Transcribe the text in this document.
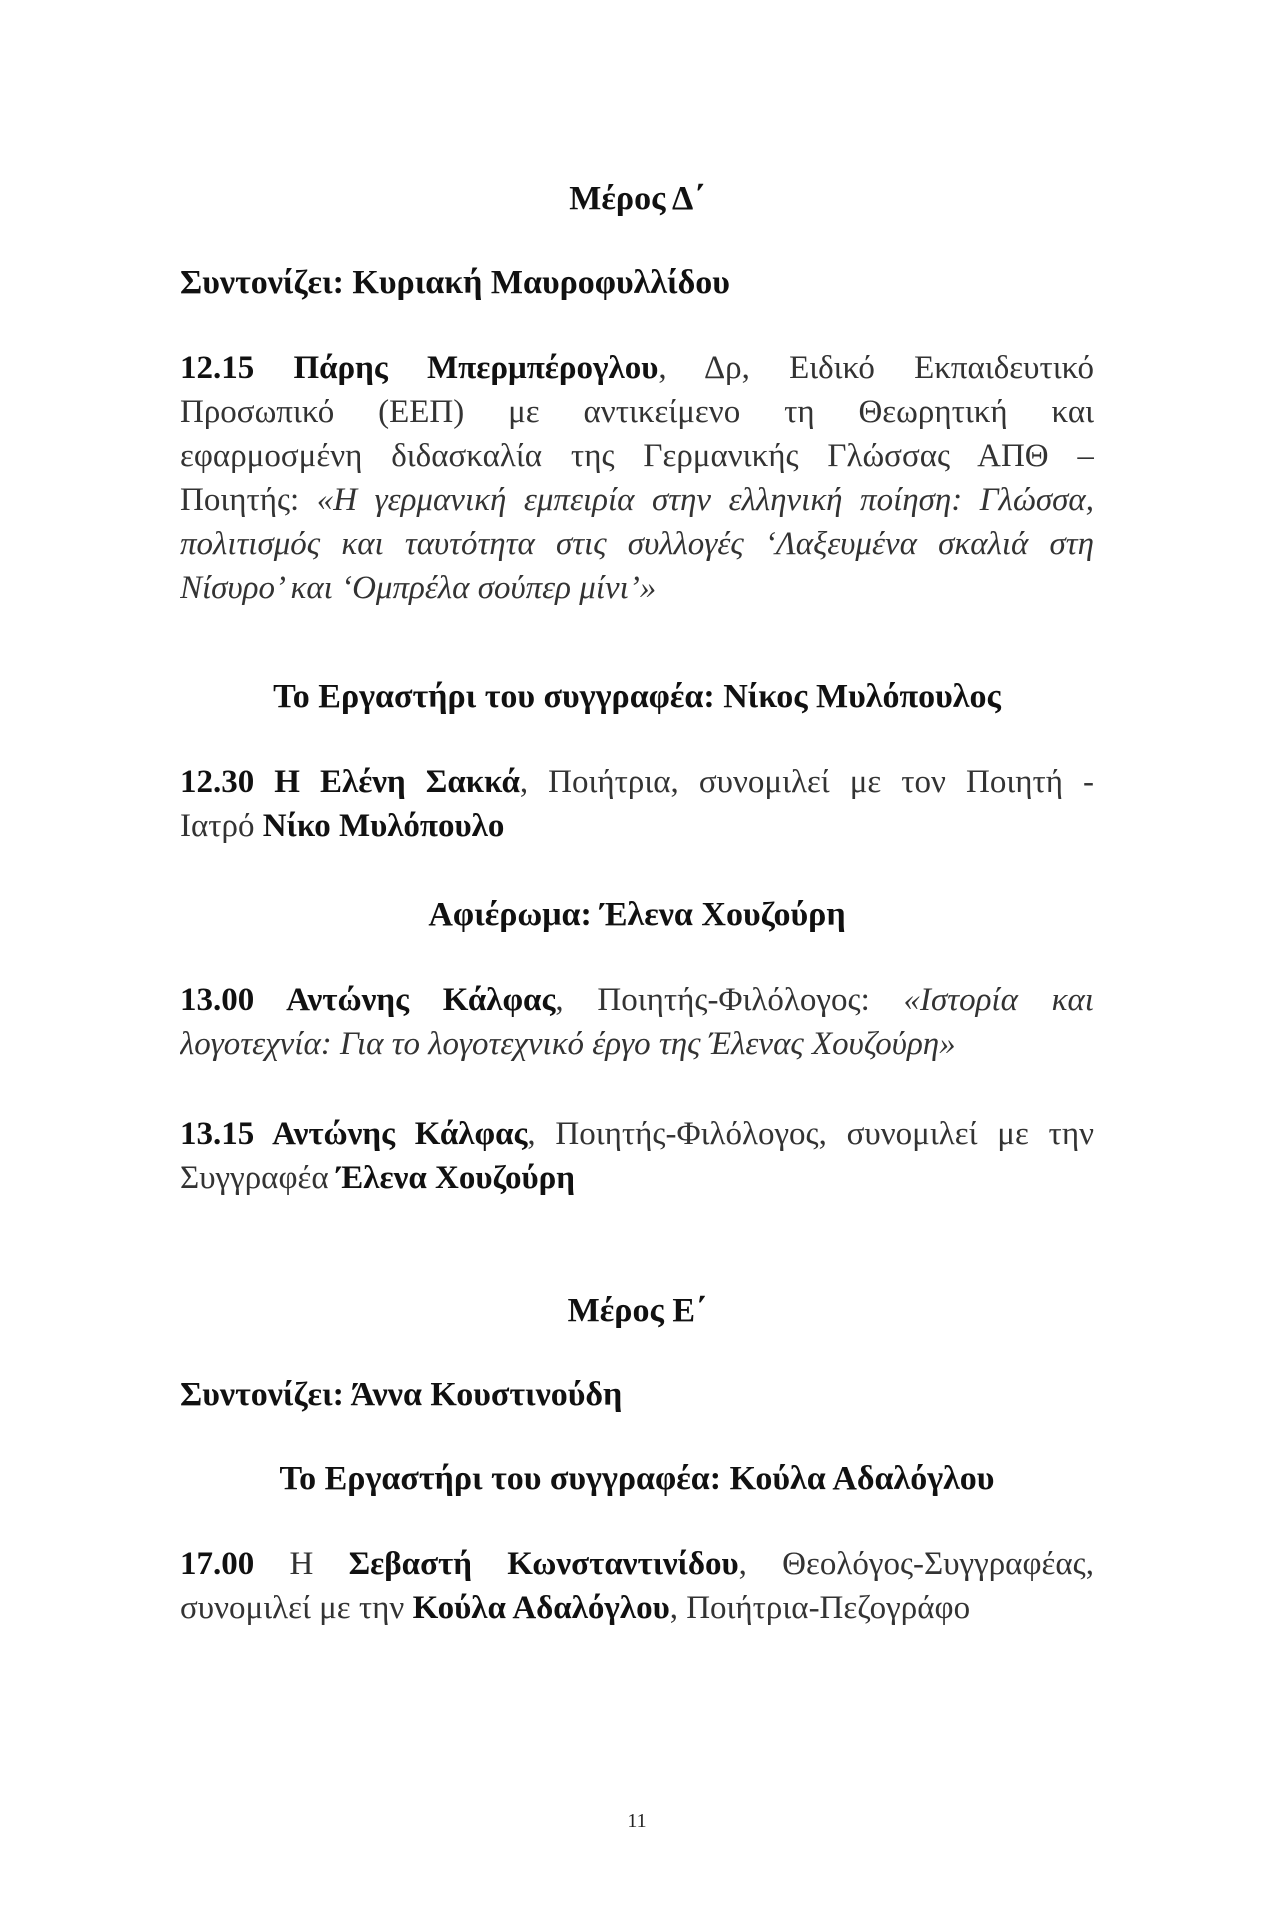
Μέρος Δ΄
Συντονίζει: Κυριακή Μαυροφυλλίδου
12.15 Πάρης Μπερμπέρογλου, Δρ, Ειδικό Εκπαιδευτικό
Προσωπικό (ΕΕΠ) με αντικείμενο τη Θεωρητική και
εφαρμοσμένη διδασκαλία της Γερμανικής Γλώσσας ΑΠΘ –
Ποιητής: «Η γερμανική εμπειρία στην ελληνική ποίηση: Γλώσσα,
πολιτισμός και ταυτότητα στις συλλογές ‘Λαξευμένα σκαλιά στη
Νίσυρο’ και ‘Ομπρέλα σούπερ μίνι’»
Το Εργαστήρι του συγγραφέα: Νίκος Μυλόπουλος
12.30 Η Ελένη Σακκά, Ποιήτρια, συνομιλεί με τον Ποιητή -
Ιατρό Νίκο Μυλόπουλο
Αφιέρωμα: Έλενα Χουζούρη
13.00 Αντώνης Κάλφας, Ποιητής-Φιλόλογος: «Ιστορία και
λογοτεχνία: Για το λογοτεχνικό έργο της Έλενας Χουζούρη»
13.15 Αντώνης Κάλφας, Ποιητής-Φιλόλογος, συνομιλεί με την
Συγγραφέα Έλενα Χουζούρη
Μέρος Ε΄
Συντονίζει: Άννα Κουστινούδη
Το Εργαστήρι του συγγραφέα: Κούλα Αδαλόγλου
17.00 Η Σεβαστή Κωνσταντινίδου, Θεολόγος-Συγγραφέας,
συνομιλεί με την Κούλα Αδαλόγλου, Ποιήτρια-Πεζογράφο
11
